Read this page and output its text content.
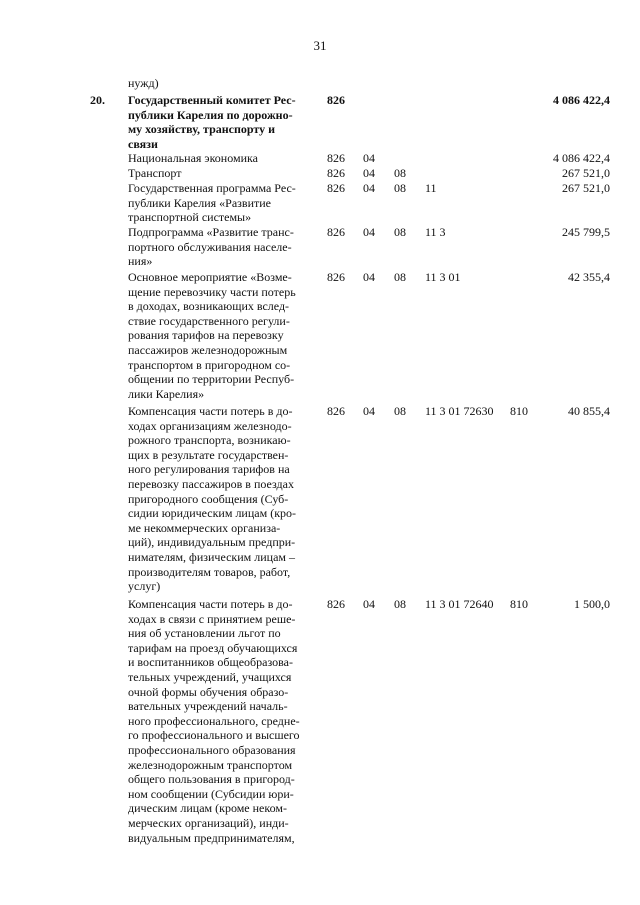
31
нужд)
20. Государственный комитет Рес-
публики Карелия по дорожно-
му хозяйству, транспорту и
связи
826	4 086 422,4
Национальная экономика	826 04	4 086 422,4
Транспорт	826 04 08	267 521,0
Государственная программа Рес-
публики Карелия «Развитие
транспортной системы»
826 04 08 11	267 521,0
Подпрограмма «Развитие транс-
портного обслуживания населе-
ния»
826 04 08 11 3	245 799,5
Основное мероприятие «Возме-
щение перевозчику части потерь
в доходах, возникающих вслед-
ствие государственного регули-
рования тарифов на перевозку
пассажиров железнодорожным
транспортом в пригородном со-
общении по территории Респуб-
лики Карелия»
826 04 08 11 3 01	42 355,4
Компенсация части потерь в до-
ходах организациям железнодо-
рожного транспорта, возникаю-
щих в результате государствен-
ного регулирования тарифов на
перевозку пассажиров в поездах
пригородного сообщения (Суб-
сидии юридическим лицам (кро-
ме некоммерческих организа-
ций), индивидуальным предпри-
нимателям, физическим лицам –
производителям товаров, работ,
услуг)
826 04 08 11 3 01 72630 810	40 855,4
Компенсация части потерь в до-
ходах в связи с принятием реше-
ния об установлении льгот по
тарифам на проезд обучающихся
и воспитанников общеобразова-
тельных учреждений, учащихся
очной формы обучения образо-
вательных учреждений началь-
ного профессионального, средне-
го профессионального и высшего
профессионального образования
железнодорожным транспортом
общего пользования в пригород-
ном сообщении (Субсидии юри-
дическим лицам (кроме неком-
мерческих организаций), инди-
видуальным предпринимателям,
826 04 08 11 3 01 72640 810	1 500,0
